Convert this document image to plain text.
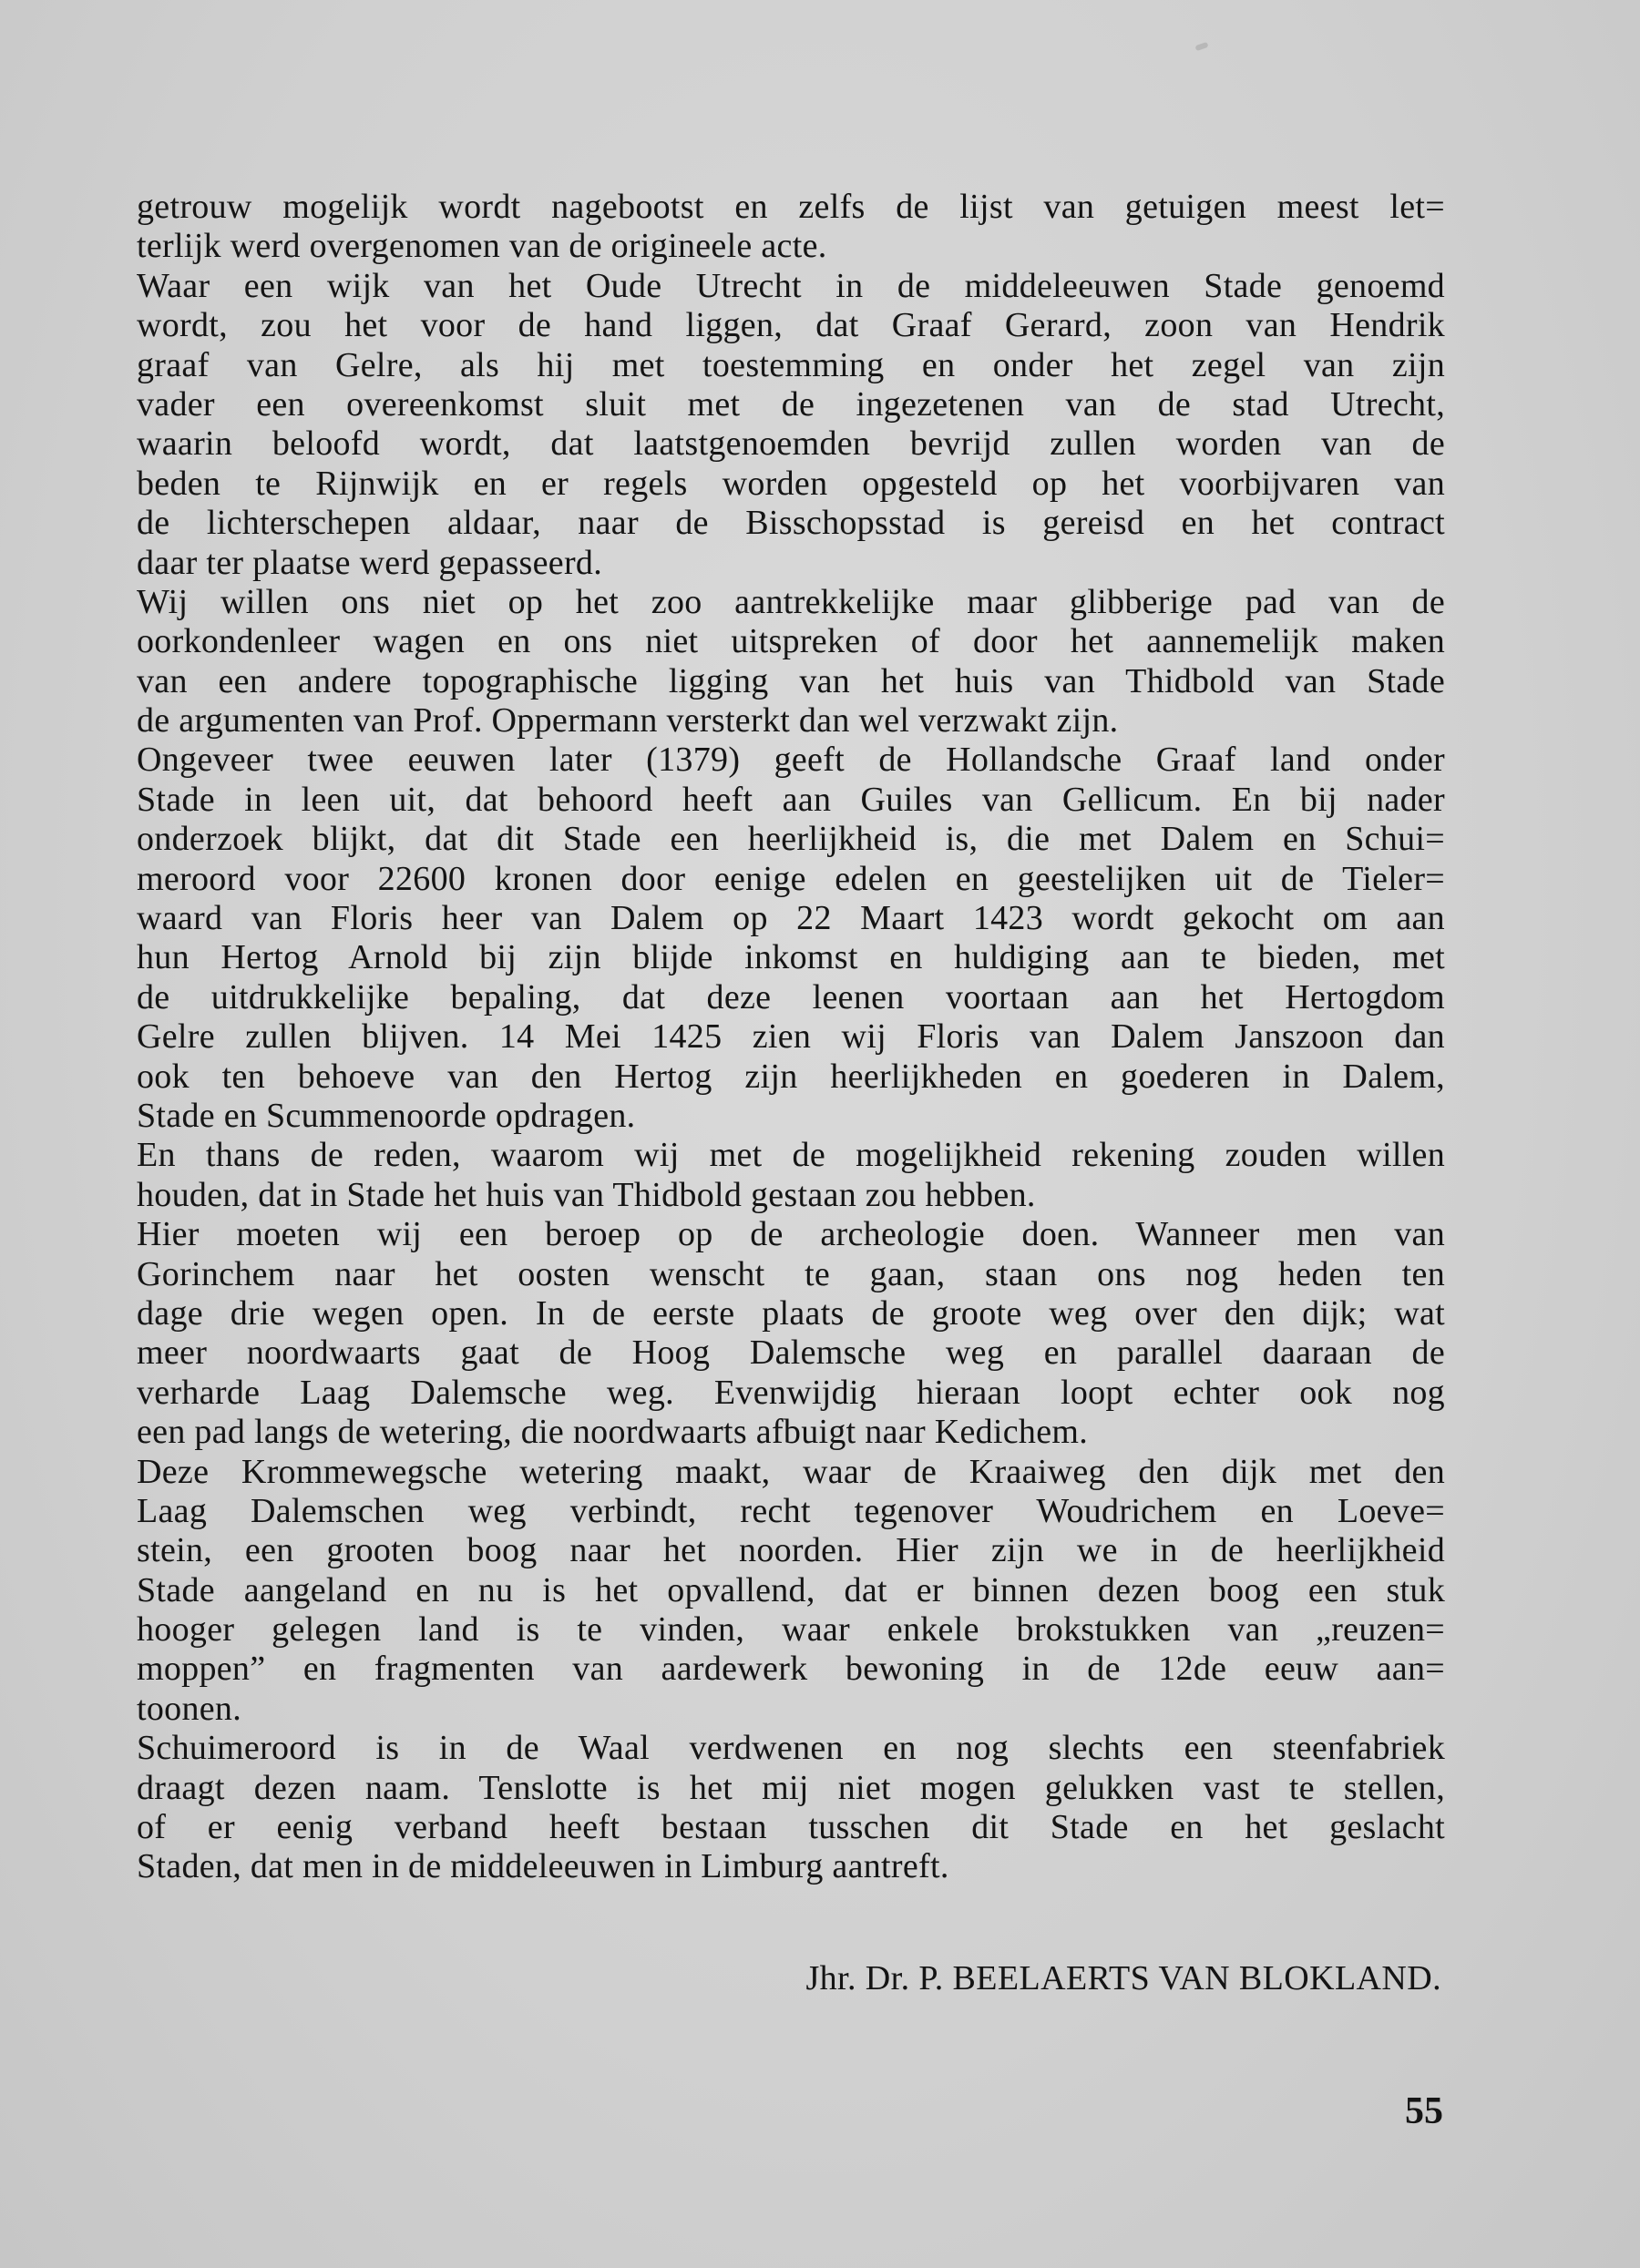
getrouw mogelijk wordt nagebootst en zelfs de lijst van getuigen meest let=
terlijk werd overgenomen van de origineele acte.
Waar een wijk van het Oude Utrecht in de middeleeuwen Stade genoemd
wordt, zou het voor de hand liggen, dat Graaf Gerard, zoon van Hendrik
graaf van Gelre, als hij met toestemming en onder het zegel van zijn
vader een overeenkomst sluit met de ingezetenen van de stad Utrecht,
waarin beloofd wordt, dat laatstgenoemden bevrijd zullen worden van de
beden te Rijnwijk en er regels worden opgesteld op het voorbijvaren van
de lichterschepen aldaar, naar de Bisschopsstad is gereisd en het contract
daar ter plaatse werd gepasseerd.
Wij willen ons niet op het zoo aantrekkelijke maar glibberige pad van de
oorkondenleer wagen en ons niet uitspreken of door het aannemelijk maken
van een andere topographische ligging van het huis van Thidbold van Stade
de argumenten van Prof. Oppermann versterkt dan wel verzwakt zijn.
Ongeveer twee eeuwen later (1379) geeft de Hollandsche Graaf land onder
Stade in leen uit, dat behoord heeft aan Guiles van Gellicum. En bij nader
onderzoek blijkt, dat dit Stade een heerlijkheid is, die met Dalem en Schui=
meroord voor 22600 kronen door eenige edelen en geestelijken uit de Tieler=
waard van Floris heer van Dalem op 22 Maart 1423 wordt gekocht om aan
hun Hertog Arnold bij zijn blijde inkomst en huldiging aan te bieden, met
de uitdrukkelijke bepaling, dat deze leenen voortaan aan het Hertogdom
Gelre zullen blijven. 14 Mei 1425 zien wij Floris van Dalem Janszoon dan
ook ten behoeve van den Hertog zijn heerlijkheden en goederen in Dalem,
Stade en Scummenoorde opdragen.
En thans de reden, waarom wij met de mogelijkheid rekening zouden willen
houden, dat in Stade het huis van Thidbold gestaan zou hebben.
Hier moeten wij een beroep op de archeologie doen. Wanneer men van
Gorinchem naar het oosten wenscht te gaan, staan ons nog heden ten
dage drie wegen open. In de eerste plaats de groote weg over den dijk; wat
meer noordwaarts gaat de Hoog Dalemsche weg en parallel daaraan de
verharde Laag Dalemsche weg. Evenwijdig hieraan loopt echter ook nog
een pad langs de wetering, die noordwaarts afbuigt naar Kedichem.
Deze Krommewegsche wetering maakt, waar de Kraaiweg den dijk met den
Laag Dalemschen weg verbindt, recht tegenover Woudrichem en Loeve=
stein, een grooten boog naar het noorden. Hier zijn we in de heerlijkheid
Stade aangeland en nu is het opvallend, dat er binnen dezen boog een stuk
hooger gelegen land is te vinden, waar enkele brokstukken van „reuzen=
moppen” en fragmenten van aardewerk bewoning in de 12de eeuw aan=
toonen.
Schuimeroord is in de Waal verdwenen en nog slechts een steenfabriek
draagt dezen naam. Tenslotte is het mij niet mogen gelukken vast te stellen,
of er eenig verband heeft bestaan tusschen dit Stade en het geslacht
Staden, dat men in de middeleeuwen in Limburg aantreft.
Jhr. Dr. P. BEELAERTS VAN BLOKLAND.
55
